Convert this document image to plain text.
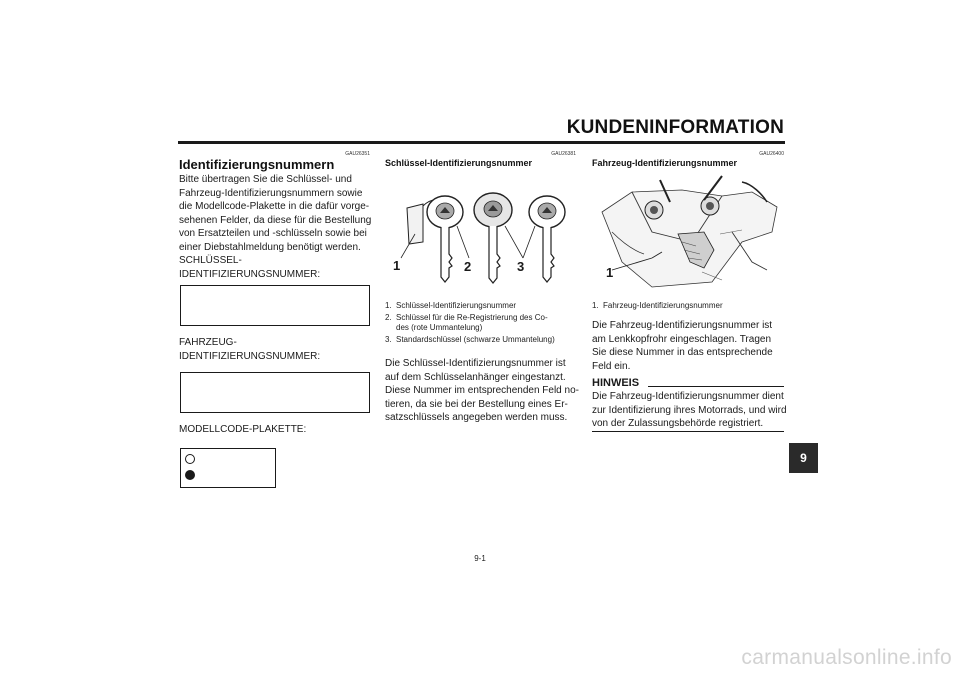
KUNDENINFORMATION
GAU26351
Identifizierungsnummern
Bitte übertragen Sie die Schlüssel- und
Fahrzeug-Identifizierungsnummern sowie
die Modellcode-Plakette in die dafür vorge-
sehenen Felder, da diese für die Bestellung
von Ersatzteilen und -schlüsseln sowie bei
einer Diebstahlmeldung benötigt werden.
SCHLÜSSEL-
IDENTIFIZIERUNGSNUMMER:
FAHRZEUG-
IDENTIFIZIERUNGSNUMMER:
MODELLCODE-PLAKETTE:
GAU26381
Schlüssel-Identifizierungsnummer
1	2	3
1. Schlüssel-Identifizierungsnummer
2. Schlüssel für die Re-Registrierung des Co-
des (rote Ummantelung)
3. Standardschlüssel (schwarze Ummantelung)
Die Schlüssel-Identifizierungsnummer ist
auf dem Schlüsselanhänger eingestanzt.
Diese Nummer im entsprechenden Feld no-
tieren, da sie bei der Bestellung eines Er-
satzschlüssels angegeben werden muss.
GAU26400
Fahrzeug-Identifizierungsnummer
1
1. Fahrzeug-Identifizierungsnummer
Die Fahrzeug-Identifizierungsnummer ist
am Lenkkopfrohr eingeschlagen. Tragen
Sie diese Nummer in das entsprechende
Feld ein.
HINWEIS
Die Fahrzeug-Identifizierungsnummer dient
zur Identifizierung ihres Motorrads, und wird
von der Zulassungsbehörde registriert.
9
9-1
carmanualsonline.info
